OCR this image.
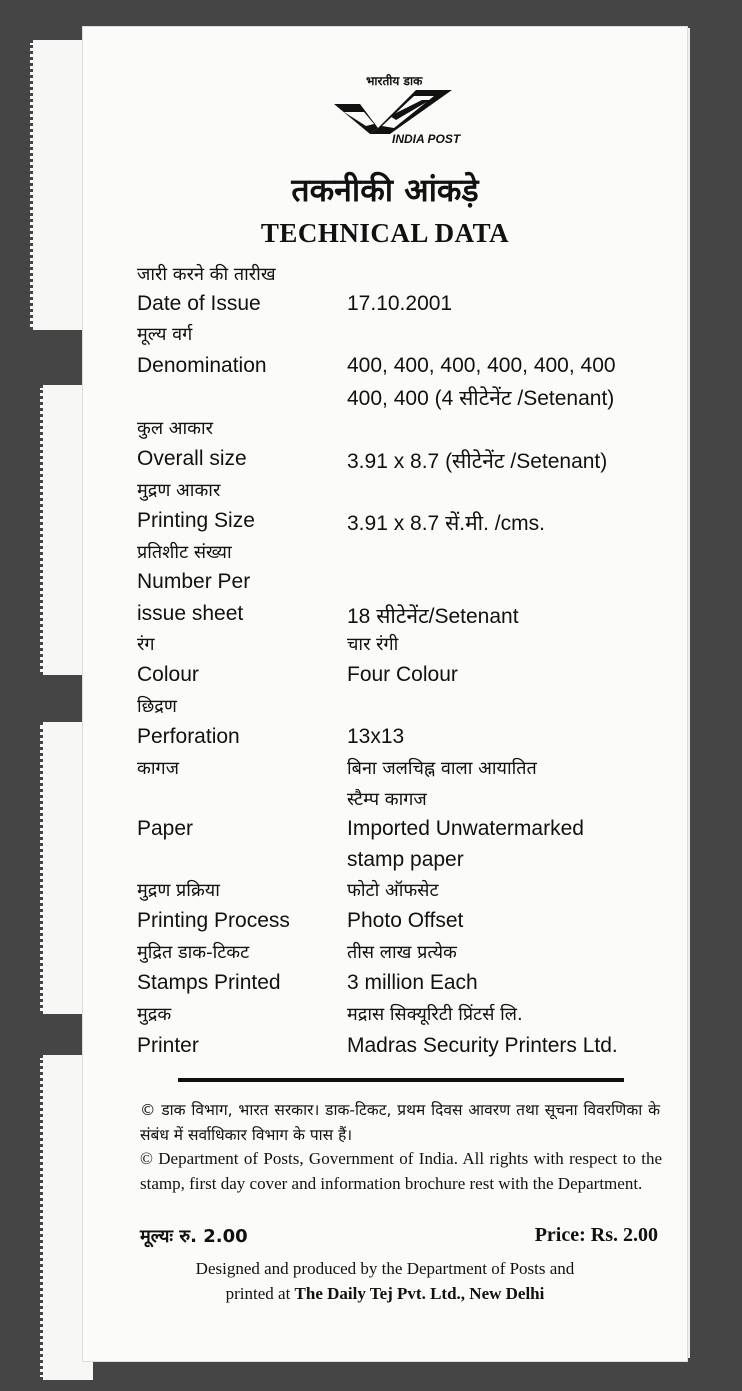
भारतीय डाक
INDIA POST
तकनीकी आंकड़े
TECHNICAL DATA
जारी करने की तारीख
Date of Issue	17.10.2001
मूल्य वर्ग
Denomination	400, 400, 400, 400, 400, 400
400, 400 (4 सीटेनेंट /Setenant)
कुल आकार
Overall size	3.91 x 8.7 (सीटेनेंट /Setenant)
मुद्रण आकार
Printing Size	3.91 x 8.7 सें.मी. /cms.
प्रतिशीट संख्या
Number Per
issue sheet	18 सीटेनेंट/Setenant
रंग	चार रंगी
Colour	Four Colour
छिद्रण
Perforation	13x13
कागज	बिना जलचिह्न वाला आयातित
स्टैम्प कागज
Paper	Imported Unwatermarked
stamp paper
मुद्रण प्रक्रिया	फोटो ऑफसेट
Printing Process	Photo Offset
मुद्रित डाक-टिकट	तीस लाख प्रत्येक
Stamps Printed	3 million Each
मुद्रक	मद्रास सिक्यूरिटी प्रिंटर्स लि.
Printer	Madras Security Printers Ltd.
© डाक विभाग, भारत सरकार। डाक-टिकट, प्रथम दिवस आवरण तथा सूचना विवरणिका के संबंध में सर्वाधिकार विभाग के पास हैं।
© Department of Posts, Government of India. All rights with respect to the stamp, first day cover and information brochure rest with the Department.
मूल्यः रु. 2.00	Price: Rs. 2.00
Designed and produced by the Department of Posts and
printed at The Daily Tej Pvt. Ltd., New Delhi
